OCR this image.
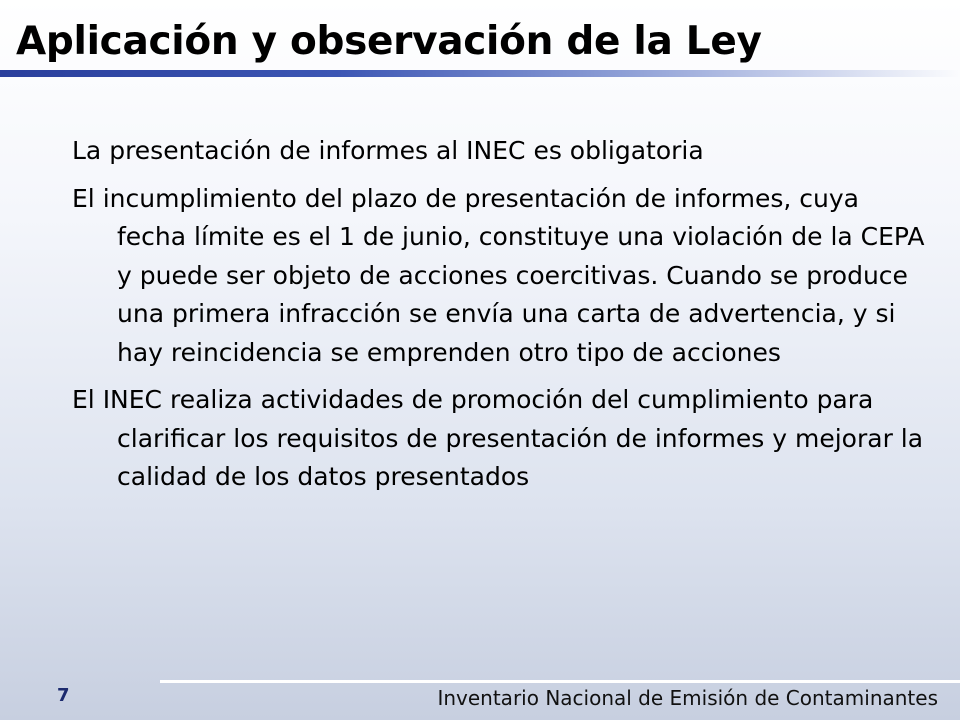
Aplicación y observación de la Ley

La presentación de informes al INEC es obligatoria

El incumplimiento del plazo de presentación de informes, cuya fecha límite es el 1 de junio, constituye una violación de la CEPA y puede ser objeto de acciones coercitivas. Cuando se produce una primera infracción se envía una carta de advertencia, y si hay reincidencia se emprenden otro tipo de acciones

El INEC realiza actividades de promoción del cumplimiento para clarificar los requisitos de presentación de informes y mejorar la calidad de los datos presentados

7	Inventario Nacional de Emisión de Contaminantes
